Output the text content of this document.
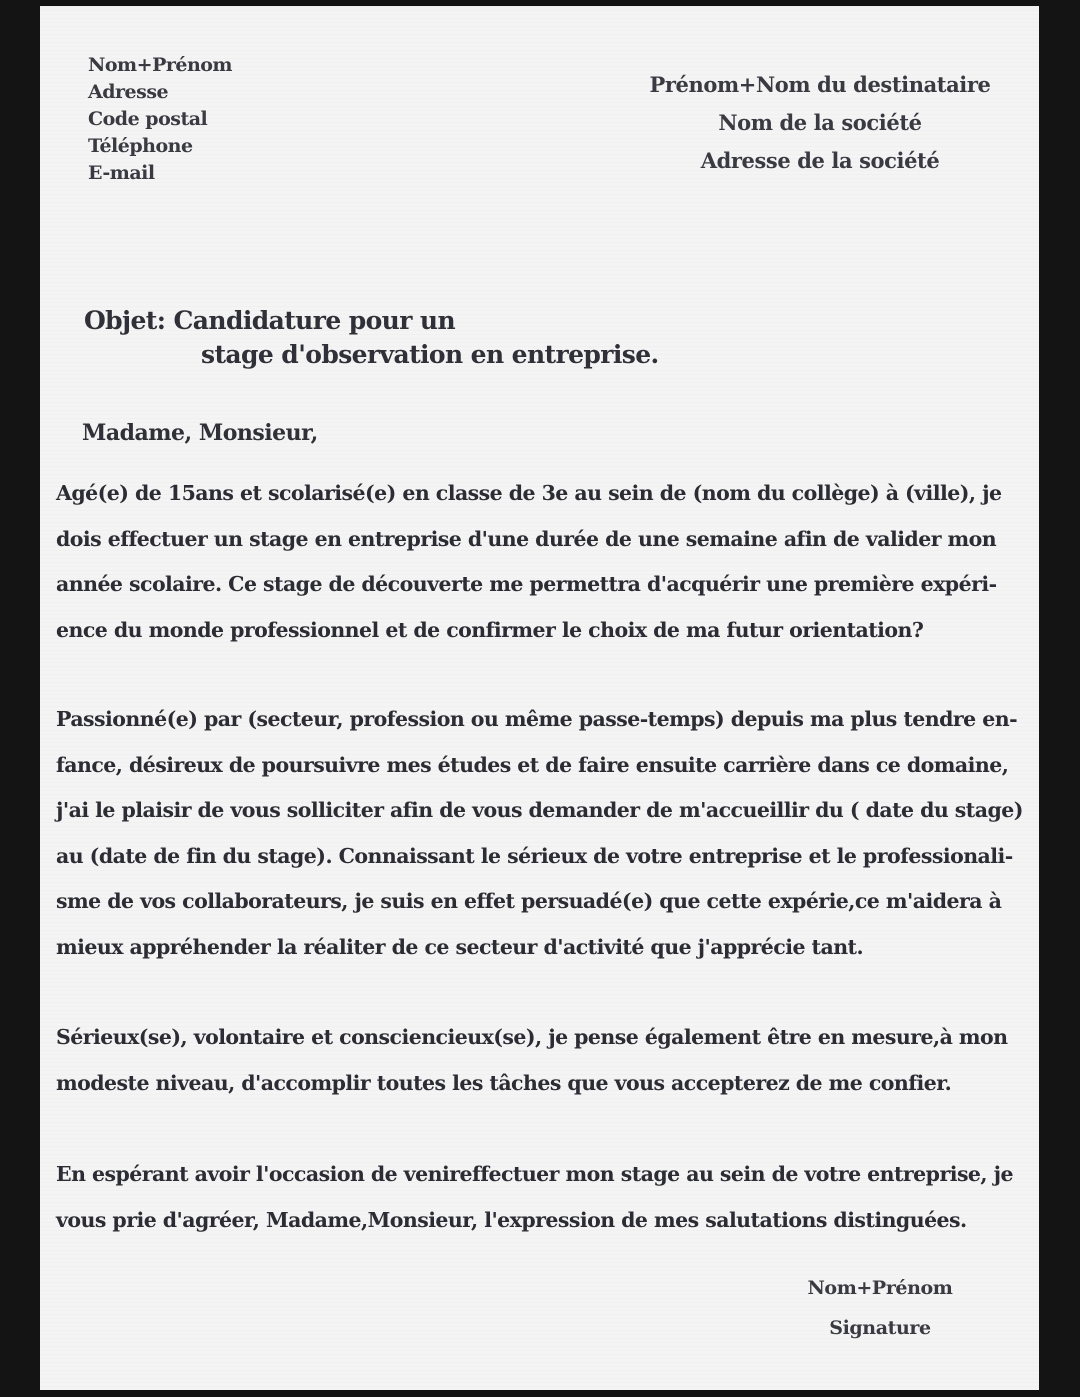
Nom+Prénom
Adresse
Code postal
Téléphone
E-mail
Prénom+Nom du destinataire
Nom de la société
Adresse de la société
Objet: Candidature pour un
stage d'observation en entreprise.
Madame, Monsieur,
Agé(e) de 15ans et scolarisé(e) en classe de 3e au sein de (nom du collège) à (ville), je
dois effectuer un stage en entreprise d'une durée de une semaine afin de valider mon
année scolaire. Ce stage de découverte me permettra d'acquérir une première expéri-
ence du monde professionnel et de confirmer le choix de ma futur orientation?
Passionné(e) par (secteur, profession ou même passe-temps) depuis ma plus tendre en-
fance, désireux de poursuivre mes études et de faire ensuite carrière dans ce domaine,
j'ai le plaisir de vous solliciter afin de vous demander de m'accueillir du ( date du stage)
au (date de fin du stage). Connaissant le sérieux de votre entreprise et le professionali-
sme de vos collaborateurs, je suis en effet persuadé(e) que cette expérie,ce m'aidera à
mieux appréhender la réaliter de ce secteur d'activité que j'apprécie tant.
Sérieux(se), volontaire et consciencieux(se), je pense également être en mesure,à mon
modeste niveau, d'accomplir toutes les tâches que vous accepterez de me confier.
En espérant avoir l'occasion de venireffectuer mon stage au sein de votre entreprise, je
vous prie d'agréer, Madame,Monsieur, l'expression de mes salutations distinguées.
Nom+Prénom
Signature
